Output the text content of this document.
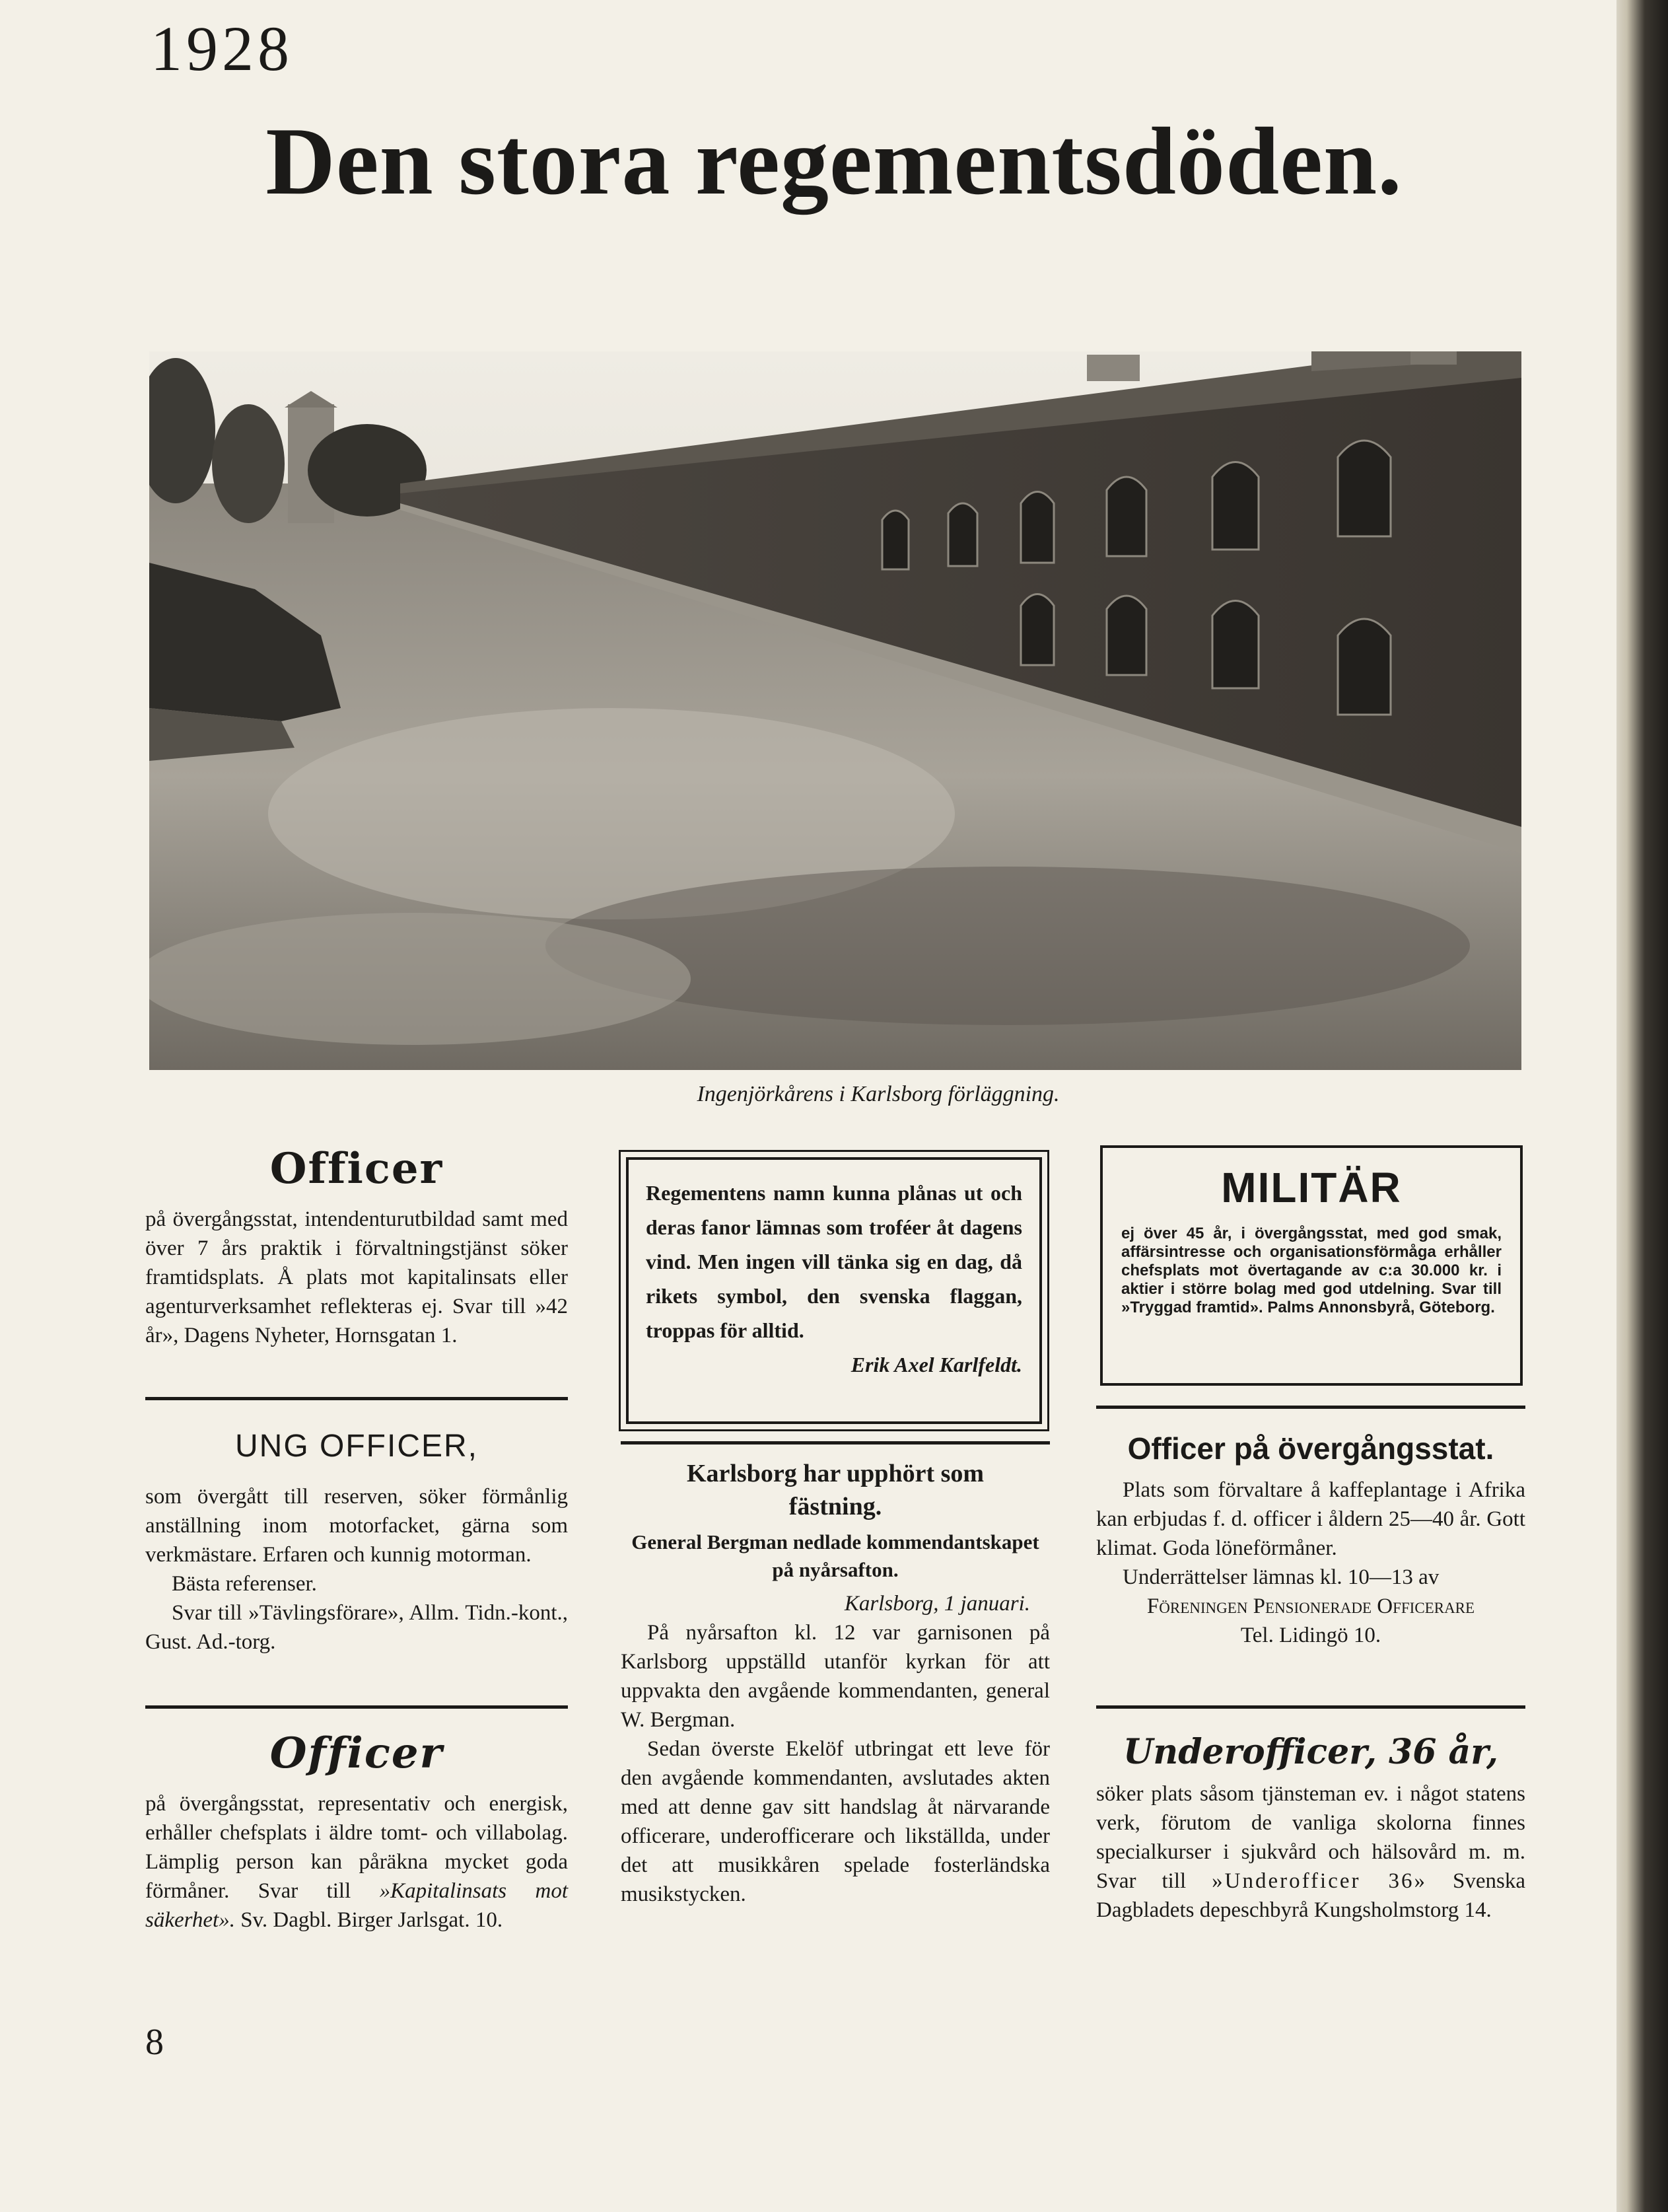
1928
Den stora regementsdöden.
Ingenjörkårens i Karlsborg förläggning.
Officer

på övergångsstat, intendenturutbildad samt med över 7 års praktik i förvaltningstjänst söker framtidsplats. Å plats mot kapitalinsats eller agenturverksamhet reflekteras ej. Svar till »42 år», Dagens Nyheter, Hornsgatan 1.

UNG OFFICER,

som övergått till reserven, söker förmånlig anställning inom motorfacket, gärna som verkmästare. Erfaren och kunnig motorman.

Bästa referenser.

Svar till »Tävlingsförare», Allm. Tidn.-kont., Gust. Ad.-torg.

Officer

på övergångsstat, representativ och energisk, erhåller chefsplats i äldre tomt- och villabolag. Lämplig person kan påräkna mycket goda förmåner. Svar till »Kapitalinsats mot säkerhet». Sv. Dagbl. Birger Jarlsgat. 10.

Regementens namn kunna plånas ut och deras fanor lämnas som troféer åt dagens vind. Men ingen vill tänka sig en dag, då rikets symbol, den svenska flaggan, troppas för alltid.

Erik Axel Karlfeldt.

Karlsborg har upphört som fästning.
General Bergman nedlade kommendantskapet på nyårsafton.

Karlsborg, 1 januari.

På nyårsafton kl. 12 var garnisonen på Karlsborg uppställd utanför kyrkan för att uppvakta den avgående kommendanten, general W. Bergman.

Sedan överste Ekelöf utbringat ett leve för den avgående kommendanten, avslutades akten med att denne gav sitt handslag åt närvarande officerare, underofficerare och likställda, under det att musikkåren spelade fosterländska musikstycken.

MILITÄR

ej över 45 år, i övergångsstat, med god smak, affärsintresse och organisationsförmåga erhåller chefsplats mot övertagande av c:a 30.000 kr. i aktier i större bolag med god utdelning. Svar till »Tryggad framtid». Palms Annonsbyrå, Göteborg.

Officer på övergångsstat.

Plats som förvaltare å kaffeplantage i Afrika kan erbjudas f. d. officer i åldern 25—40 år. Gott klimat. Goda löneförmåner.

Underrättelser lämnas kl. 10—13 av

Föreningen Pensionerade Officerare

Tel. Lidingö 10.

Underofficer, 36 år,

söker plats såsom tjänsteman ev. i något statens verk, förutom de vanliga skolorna finnes specialkurser i sjukvård och hälsovård m. m. Svar till »Underofficer 36» Svenska Dagbladets depeschbyrå Kungsholmstorg 14.

8
